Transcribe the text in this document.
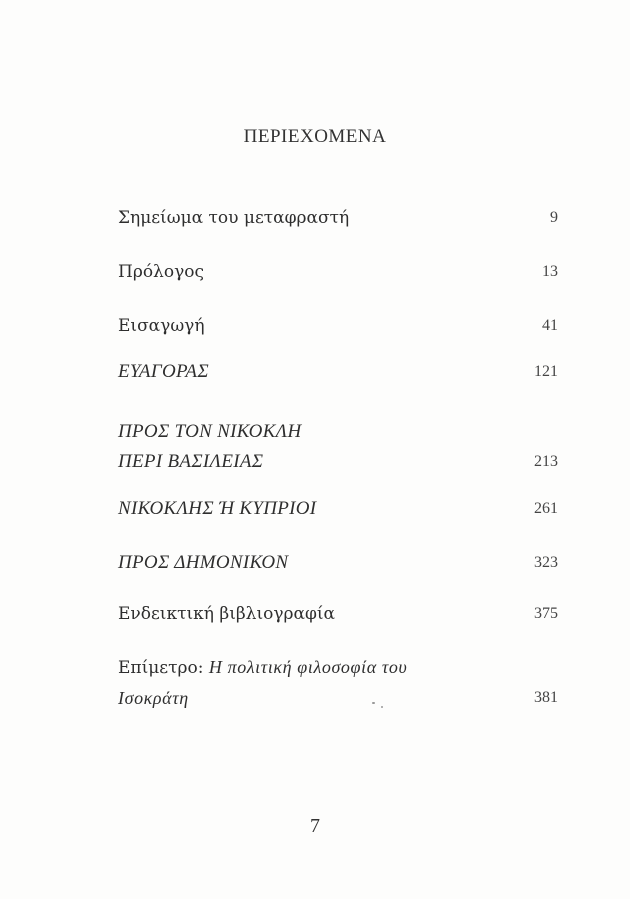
ΠΕΡΙΕΧΟΜΕΝΑ
Σημείωμα του μεταφραστή	9
Πρόλογος	13
Εισαγωγή	41
ΕΥΑΓΟΡΑΣ	121
ΠΡΟΣ ΤΟΝ ΝΙΚΟΚΛΗ
ΠΕΡΙ ΒΑΣΙΛΕΙΑΣ	213
ΝΙΚΟΚΛΗΣ Ή ΚΥΠΡΙΟΙ	261
ΠΡΟΣ ΔΗΜΟΝΙΚΟΝ	323
Ενδεικτική βιβλιογραφία	375
Επίμετρο: Η πολιτική φιλοσοφία του
Ισοκράτη	381
7
